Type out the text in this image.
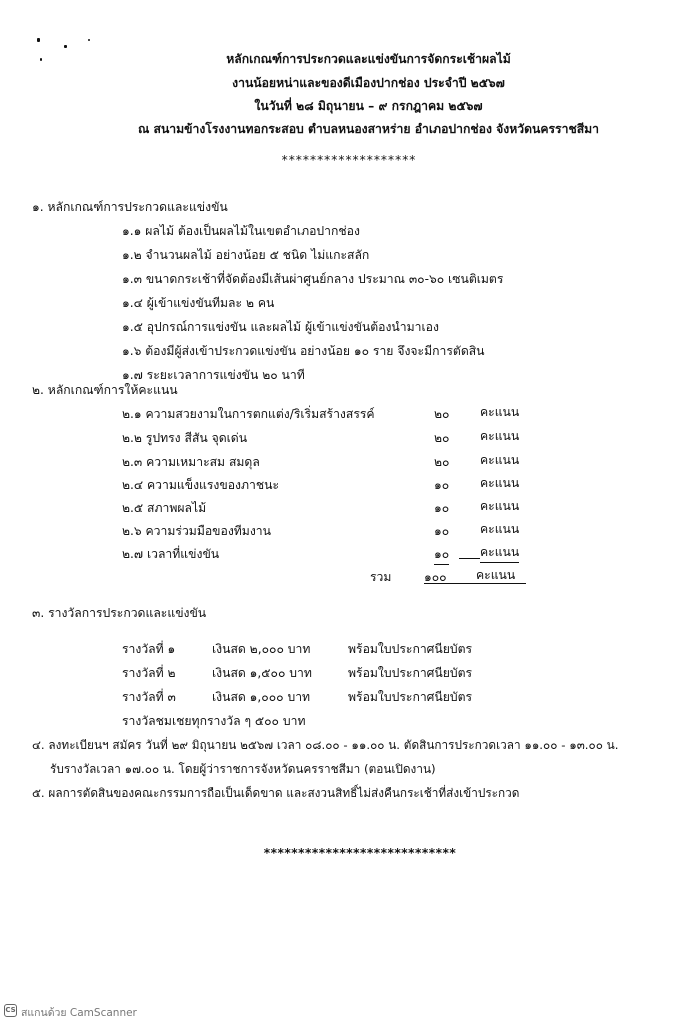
หลักเกณฑ์การประกวดและแข่งขันการจัดกระเช้าผลไม้
งานน้อยหน่าและของดีเมืองปากช่อง ประจำปี ๒๕๖๗
ในวันที่ ๒๘ มิถุนายน – ๙ กรกฎาคม ๒๕๖๗
ณ สนามข้างโรงงานทอกระสอบ ตำบลหนองสาหร่าย อำเภอปากช่อง จังหวัดนครราชสีมา
*******************
๑. หลักเกณฑ์การประกวดและแข่งขัน
๑.๑ ผลไม้ ต้องเป็นผลไม้ในเขตอำเภอปากช่อง
๑.๒ จำนวนผลไม้ อย่างน้อย ๕ ชนิด ไม่แกะสลัก
๑.๓ ขนาดกระเช้าที่จัดต้องมีเส้นผ่าศูนย์กลาง ประมาณ ๓๐-๖๐ เซนติเมตร
๑.๔ ผู้เข้าแข่งขันทีมละ ๒ คน
๑.๕ อุปกรณ์การแข่งขัน และผลไม้ ผู้เข้าแข่งขันต้องนำมาเอง
๑.๖ ต้องมีผู้ส่งเข้าประกวดแข่งขัน อย่างน้อย ๑๐ ราย จึงจะมีการตัดสิน
๑.๗ ระยะเวลาการแข่งขัน ๒๐ นาที
๒. หลักเกณฑ์การให้คะแนน
๒.๑ ความสวยงามในการตกแต่ง/ริเริ่มสร้างสรรค์	๒๐	คะแนน
๒.๒ รูปทรง สีสัน จุดเด่น	๒๐	คะแนน
๒.๓ ความเหมาะสม สมดุล	๒๐	คะแนน
๒.๔ ความแข็งแรงของภาชนะ	๑๐	คะแนน
๒.๕ สภาพผลไม้	๑๐	คะแนน
๒.๖ ความร่วมมือของทีมงาน	๑๐	คะแนน
๒.๗ เวลาที่แข่งขัน	๑๐	คะแนน
รวม	๑๐๐ คะแนน
๓. รางวัลการประกวดและแข่งขัน
รางวัลที่ ๑	เงินสด ๒,๐๐๐ บาท	พร้อมใบประกาศนียบัตร
รางวัลที่ ๒	เงินสด ๑,๕๐๐ บาท	พร้อมใบประกาศนียบัตร
รางวัลที่ ๓	เงินสด ๑,๐๐๐ บาท	พร้อมใบประกาศนียบัตร
รางวัลชมเชยทุกรางวัล ๆ ๕๐๐ บาท
๔. ลงทะเบียนฯ สมัคร วันที่ ๒๙ มิถุนายน ๒๕๖๗ เวลา ๐๘.๐๐ - ๑๑.๐๐ น. ตัดสินการประกวดเวลา ๑๑.๐๐ - ๑๓.๐๐ น.
รับรางวัลเวลา ๑๗.๐๐ น. โดยผู้ว่าราชการจังหวัดนครราชสีมา (ตอนเปิดงาน)
๕. ผลการตัดสินของคณะกรรมการถือเป็นเด็ดขาด และสงวนสิทธิ์ไม่ส่งคืนกระเช้าที่ส่งเข้าประกวด
****************************
CS สแกนด้วย CamScanner
